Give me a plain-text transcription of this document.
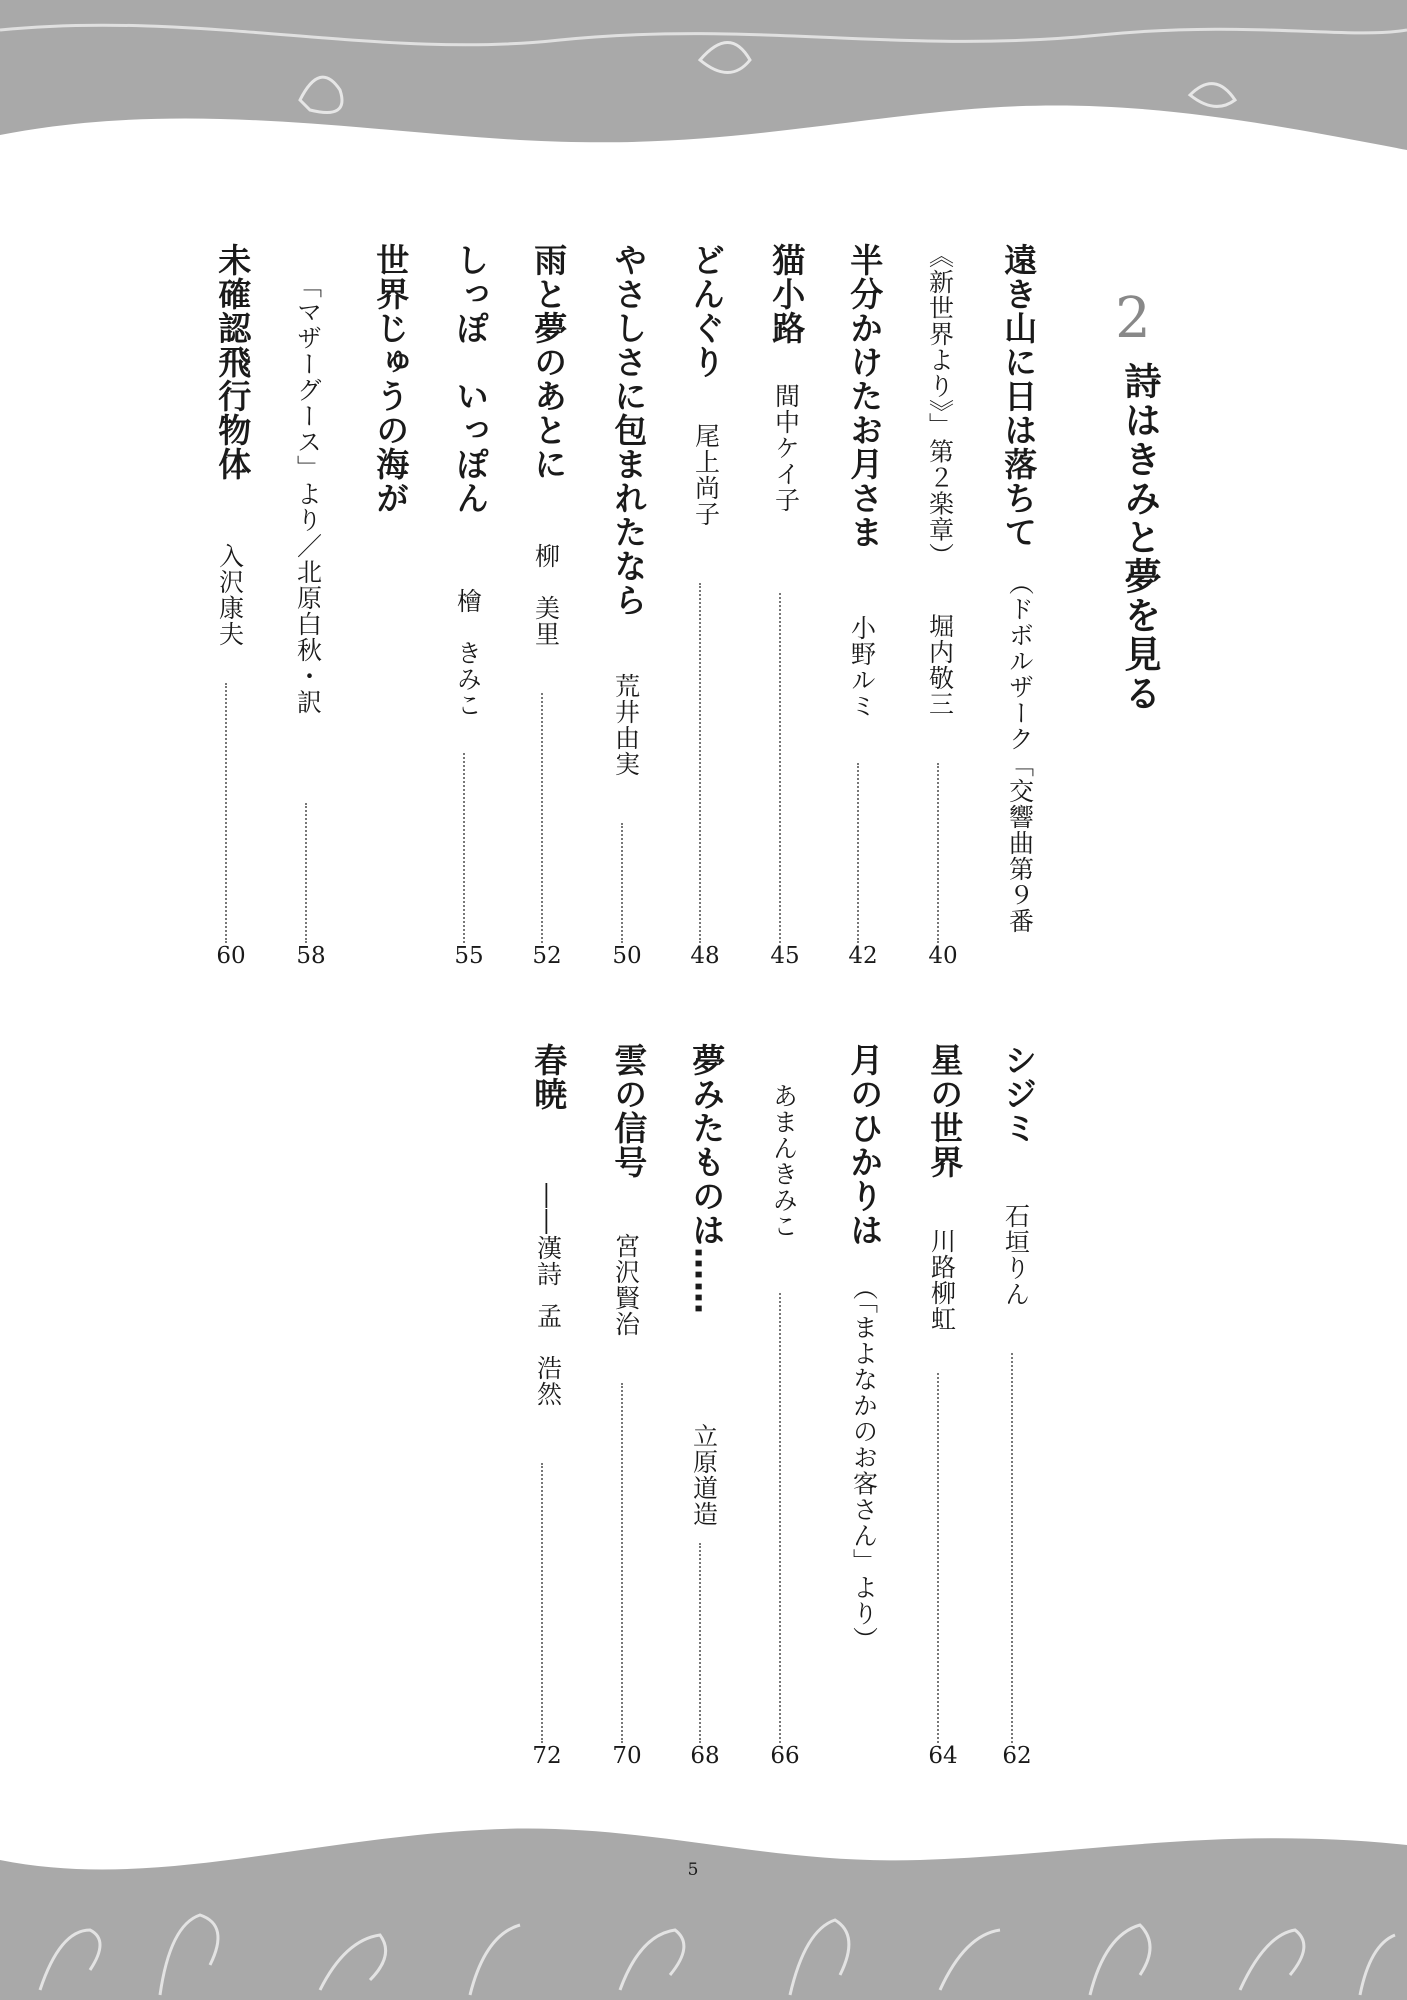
2
詩はきみと夢を見る
遠き山に日は落ちて
（ドボルザーク「交響曲第９番
《新世界より》」第２楽章）
堀内敬三
40
半分かけたお月さま
小野ルミ
42
猫小路
間中ケイ子
45
どんぐり
尾上尚子
48
やさしさに包まれたなら
荒井由実
50
雨と夢のあとに
柳　美里
52
しっぽ　いっぽん
檜　きみこ
55
世界じゅうの海が
「マザーグース」より／北原白秋・訳
58
未確認飛行物体
入沢康夫
60
シジミ
石垣りん
62
星の世界
川路柳虹
64
月のひかりは
（「まよなかのお客さん」より）
あまんきみこ
66
夢みたものは……
立原道造
68
雲の信号
宮沢賢治
70
春暁
――漢詩
孟　浩然
72
5
